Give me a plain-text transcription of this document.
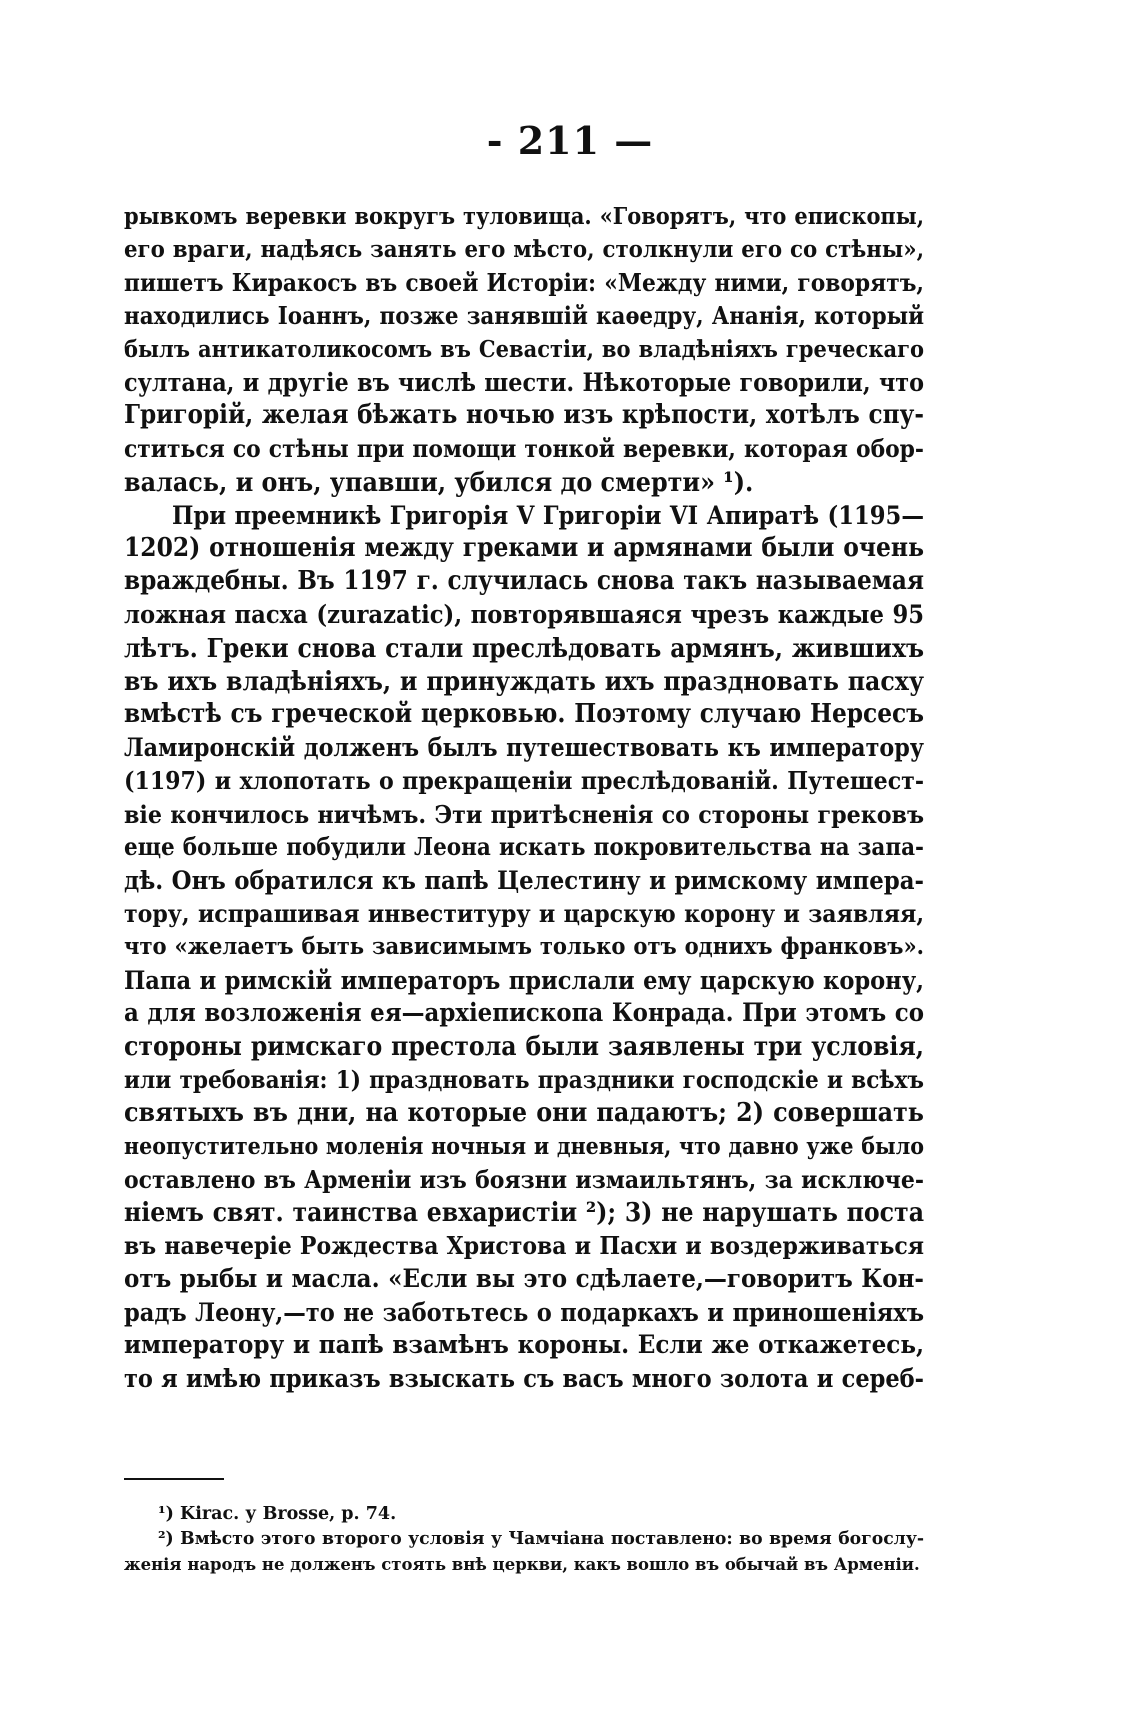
- 211 —

рывкомъ веревки вокругъ туловища. «Говорятъ, что епископы,
его враги, надѣясь занять его мѣсто, столкнули его со стѣны»,
пишетъ Киракосъ въ своей Исторіи: «Между ними, говорятъ,
находились Іоаннъ, позже занявшій каѳедру, Ананія, который
былъ антикатоликосомъ въ Севастіи, во владѣніяхъ греческаго
султана, и другіе въ числѣ шести. Нѣкоторые говорили, что
Григорій, желая бѣжать ночью изъ крѣпости, хотѣлъ спу-
ститься со стѣны при помощи тонкой веревки, которая обор-
валась, и онъ, упавши, убился до смерти» ¹).

При преемникѣ Григорія V Григоріи VI Апиратѣ (1195—
1202) отношенія между греками и армянами были очень
враждебны. Въ 1197 г. случилась снова такъ называемая
ложная пасха (zurazatic), повторявшаяся чрезъ каждые 95
лѣтъ. Греки снова стали преслѣдовать армянъ, жившихъ
въ ихъ владѣніяхъ, и принуждать ихъ праздновать пасху
вмѣстѣ съ греческой церковью. Поэтому случаю Нерсесъ
Ламиронскій долженъ былъ путешествовать къ императору
(1197) и хлопотать о прекращеніи преслѣдованій. Путешест-
віе кончилось ничѣмъ. Эти притѣсненія со стороны грековъ
еще больше побудили Леона искать покровительства на запа-
дѣ. Онъ обратился къ папѣ Целестину и римскому импера-
тору, испрашивая инвеституру и царскую корону и заявляя,
что «желаетъ быть зависимымъ только отъ однихъ франковъ».
Папа и римскій императоръ прислали ему царскую корону,
а для возложенія ея—архіепископа Конрада. При этомъ со
стороны римскаго престола были заявлены три условія,
или требованія: 1) праздновать праздники господскіе и всѣхъ
святыхъ въ дни, на которые они падаютъ; 2) совершать
неопустительно моленія ночныя и дневныя, что давно уже было
оставлено въ Арменіи изъ боязни измаильтянъ, за исключе-
ніемъ свят. таинства евхаристіи ²); 3) не нарушать поста
въ навечеріе Рождества Христова и Пасхи и воздерживаться
отъ рыбы и масла. «Если вы это сдѣлаете,—говоритъ Кон-
радъ Леону,—то не заботьтесь о подаркахъ и приношеніяхъ
императору и папѣ взамѣнъ короны. Если же откажетесь,
то я имѣю приказъ взыскать съ васъ много золота и сереб-

¹) Kirac. у Brosse, p. 74.

²) Вмѣсто этого второго условія у Чамчіана поставлено: во время богослу-
женія народъ не долженъ стоять внѣ церкви, какъ вошло въ обычай въ Арменіи.
